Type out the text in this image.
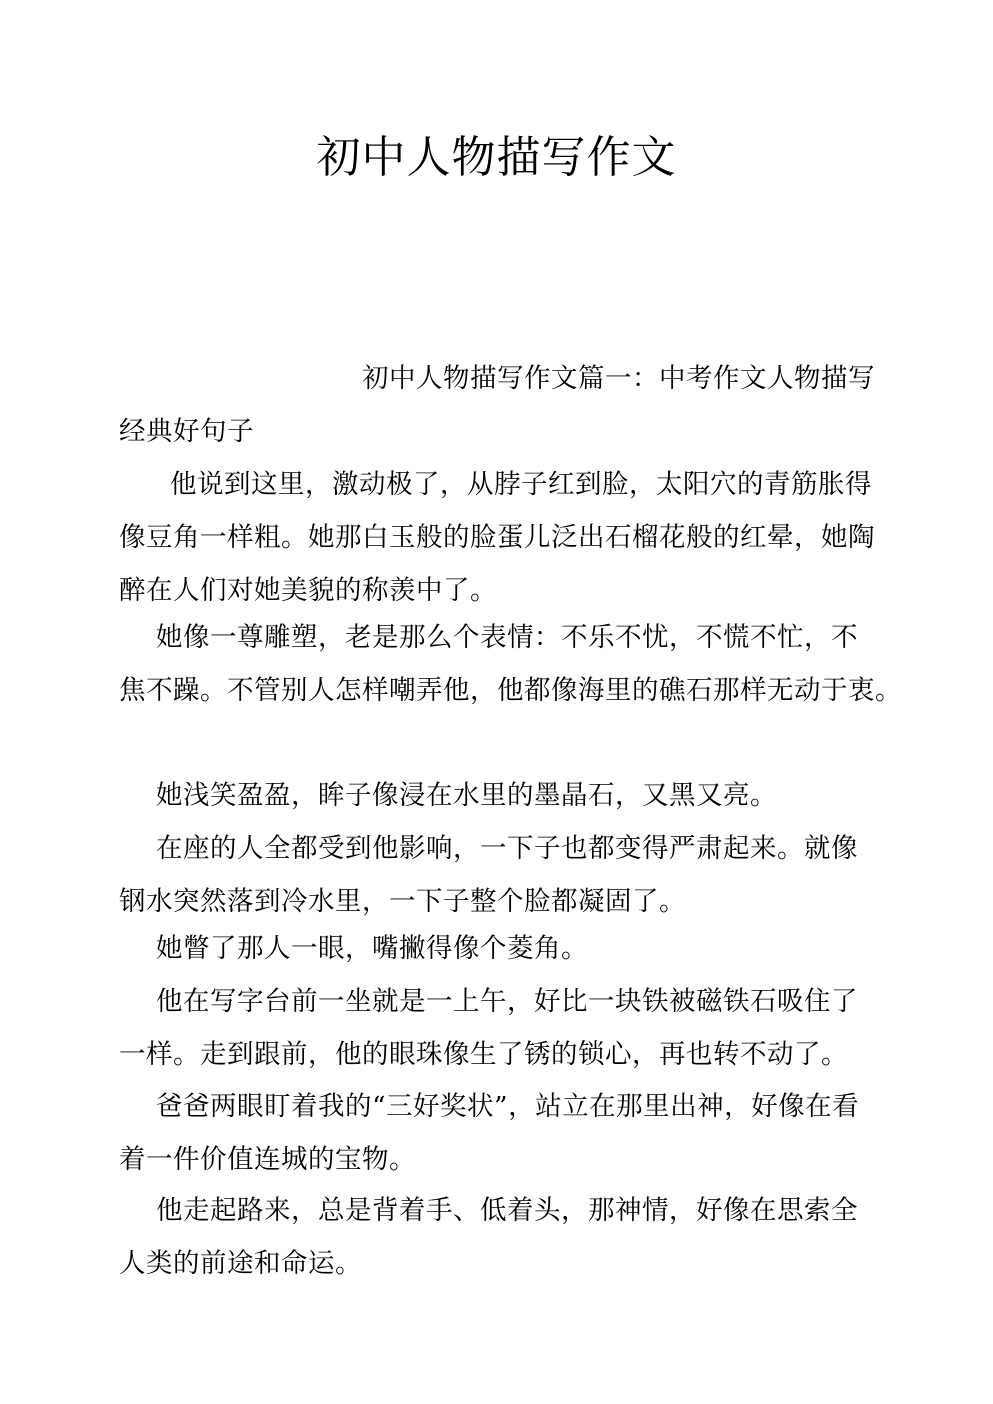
初中人物描写作文
初中人物描写作文篇一：中考作文人物描写
经典好句子
他说到这里，激动极了，从脖子红到脸，太阳穴的青筋胀得
像豆角一样粗。她那白玉般的脸蛋儿泛出石榴花般的红晕，她陶
醉在人们对她美貌的称羡中了。
她像一尊雕塑，老是那么个表情：不乐不忧，不慌不忙，不
焦不躁。不管别人怎样嘲弄他，他都像海里的礁石那样无动于衷。
她浅笑盈盈，眸子像浸在水里的墨晶石，又黑又亮。
在座的人全都受到他影响，一下子也都变得严肃起来。就像
钢水突然落到冷水里，一下子整个脸都凝固了。
她瞥了那人一眼，嘴撇得像个菱角。
他在写字台前一坐就是一上午，好比一块铁被磁铁石吸住了
一样。走到跟前，他的眼珠像生了锈的锁心，再也转不动了。
爸爸两眼盯着我的“三好奖状”，站立在那里出神，好像在看
着一件价值连城的宝物。
他走起路来，总是背着手、低着头，那神情，好像在思索全
人类的前途和命运。
